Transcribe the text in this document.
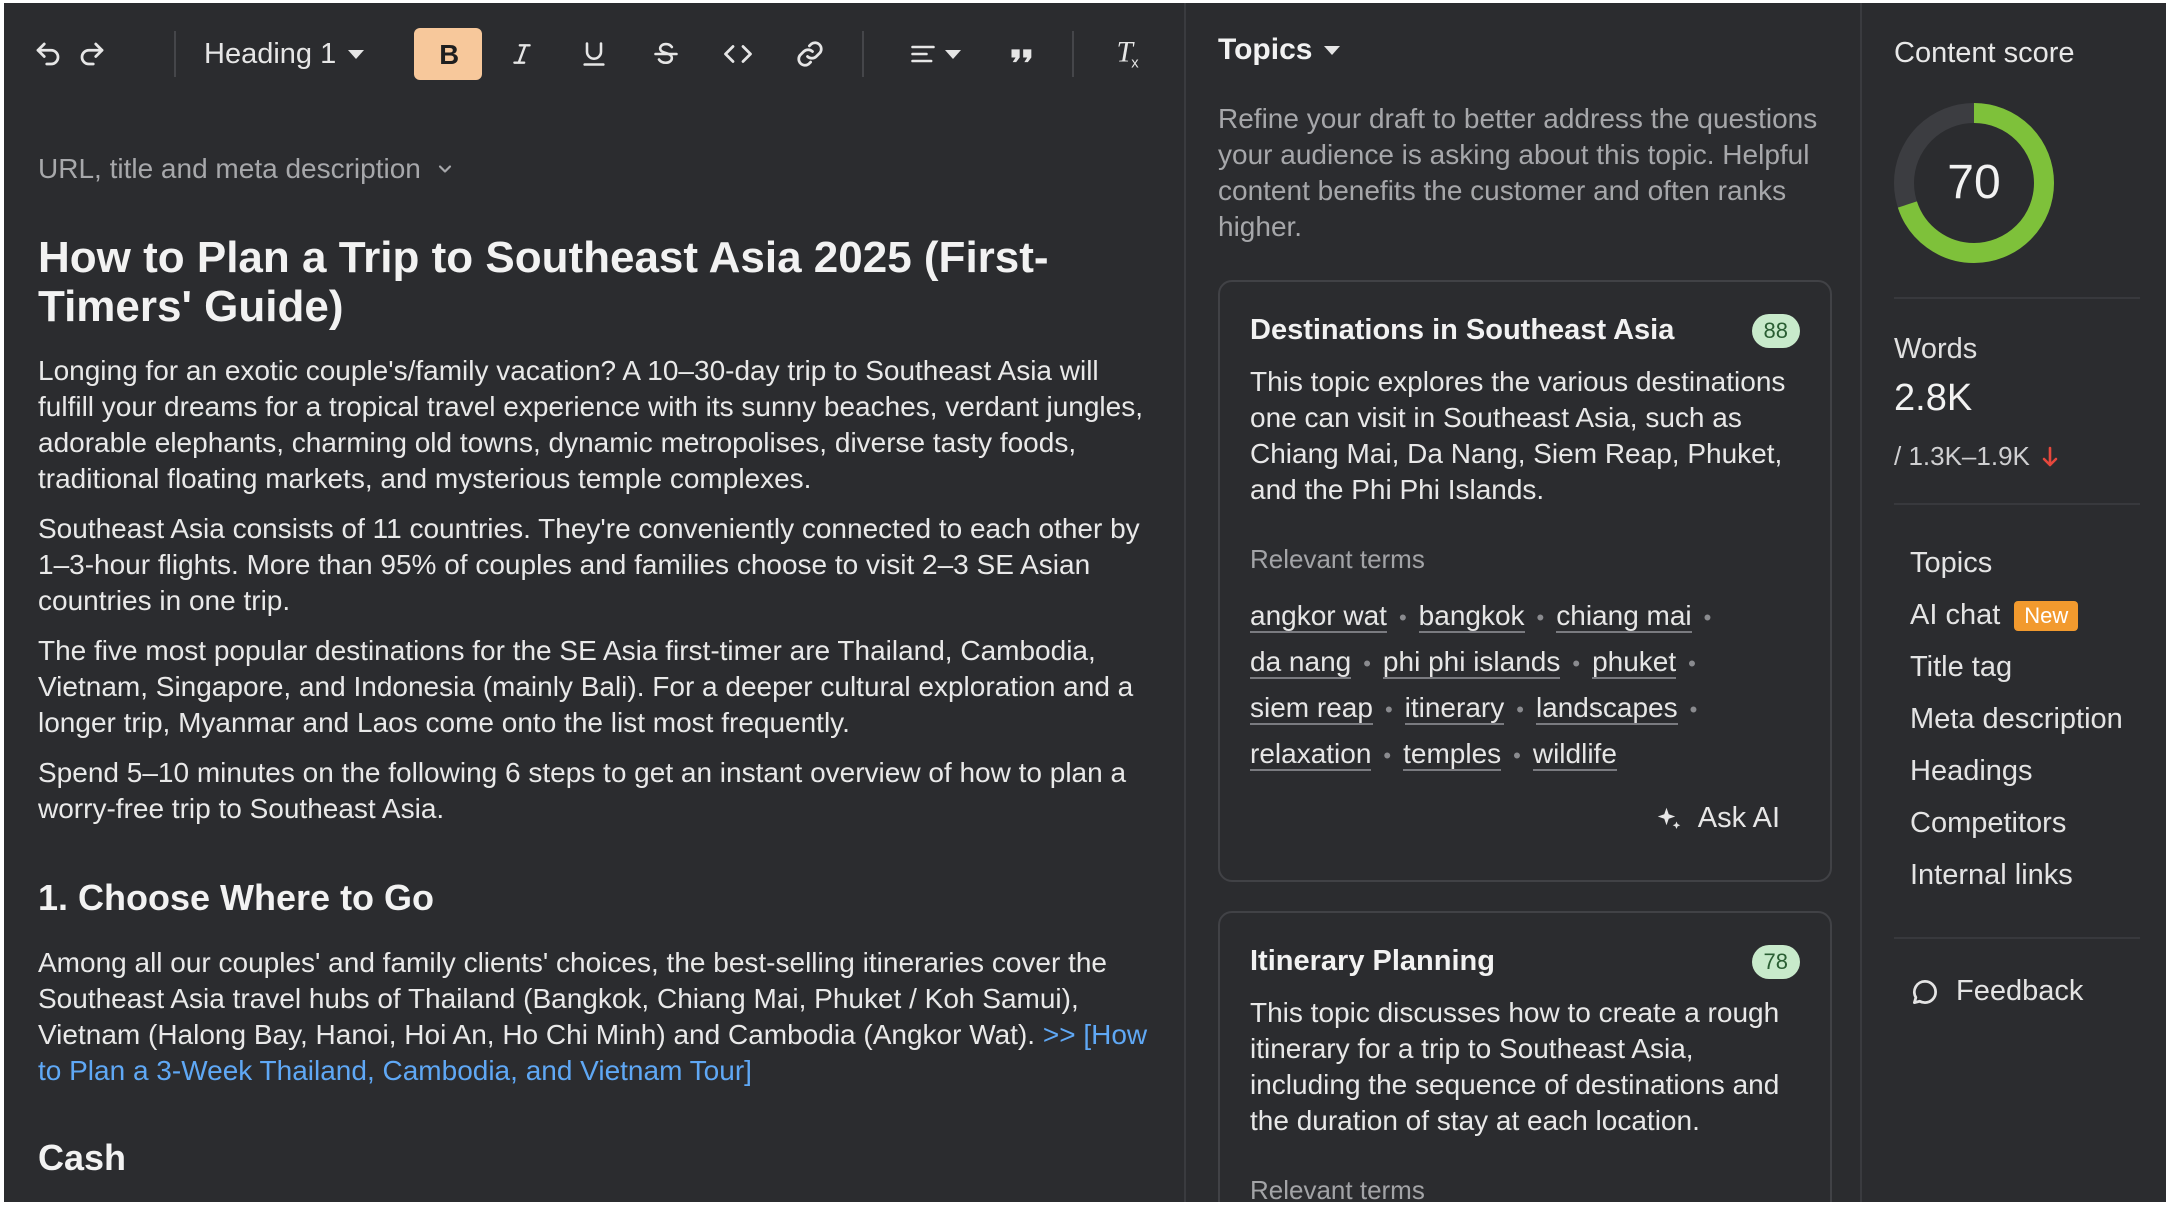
Heading 1	B	T
x
URL, title and meta description
How to Plan a Trip to Southeast Asia 2025 (First-Timers' Guide)

Longing for an exotic couple's/family vacation? A 10–30-day trip to Southeast Asia will fulfill your dreams for a tropical travel experience with its sunny beaches, verdant jungles, adorable elephants, charming old towns, dynamic metropolises, diverse tasty foods, traditional floating markets, and mysterious temple complexes.

Southeast Asia consists of 11 countries. They're conveniently connected to each other by 1–3-hour flights. More than 95% of couples and families choose to visit 2–3 SE Asian countries in one trip.

The five most popular destinations for the SE Asia first-timer are Thailand, Cambodia, Vietnam, Singapore, and Indonesia (mainly Bali). For a deeper cultural exploration and a longer trip, Myanmar and Laos come onto the list most frequently.

Spend 5–10 minutes on the following 6 steps to get an instant overview of how to plan a worry-free trip to Southeast Asia.

1. Choose Where to Go

Among all our couples' and family clients' choices, the best-selling itineraries cover the Southeast Asia travel hubs of Thailand (Bangkok, Chiang Mai, Phuket / Koh Samui), Vietnam (Halong Bay, Hanoi, Hoi An, Ho Chi Minh) and Cambodia (Angkor Wat). >> [How to Plan a 3-Week Thailand, Cambodia, and Vietnam Tour]

Cash
Topics
Refine your draft to better address the questions your audience is asking about this topic. Helpful content benefits the customer and often ranks higher.
Destinations in Southeast Asia	88
This topic explores the various destinations one can visit in Southeast Asia, such as Chiang Mai, Da Nang, Siem Reap, Phuket, and the Phi Phi Islands.
Relevant terms
angkor wat • bangkok • chiang mai •
da nang • phi phi islands • phuket •
siem reap • itinerary • landscapes •
relaxation • temples • wildlife
Ask AI
Itinerary Planning	78
This topic discusses how to create a rough itinerary for a trip to Southeast Asia, including the sequence of destinations and the duration of stay at each location.
Relevant terms
Content score
70
Words
2.8K
/ 1.3K–1.9K
Topics
AI chat	New
Title tag
Meta description
Headings
Competitors
Internal links
Feedback
